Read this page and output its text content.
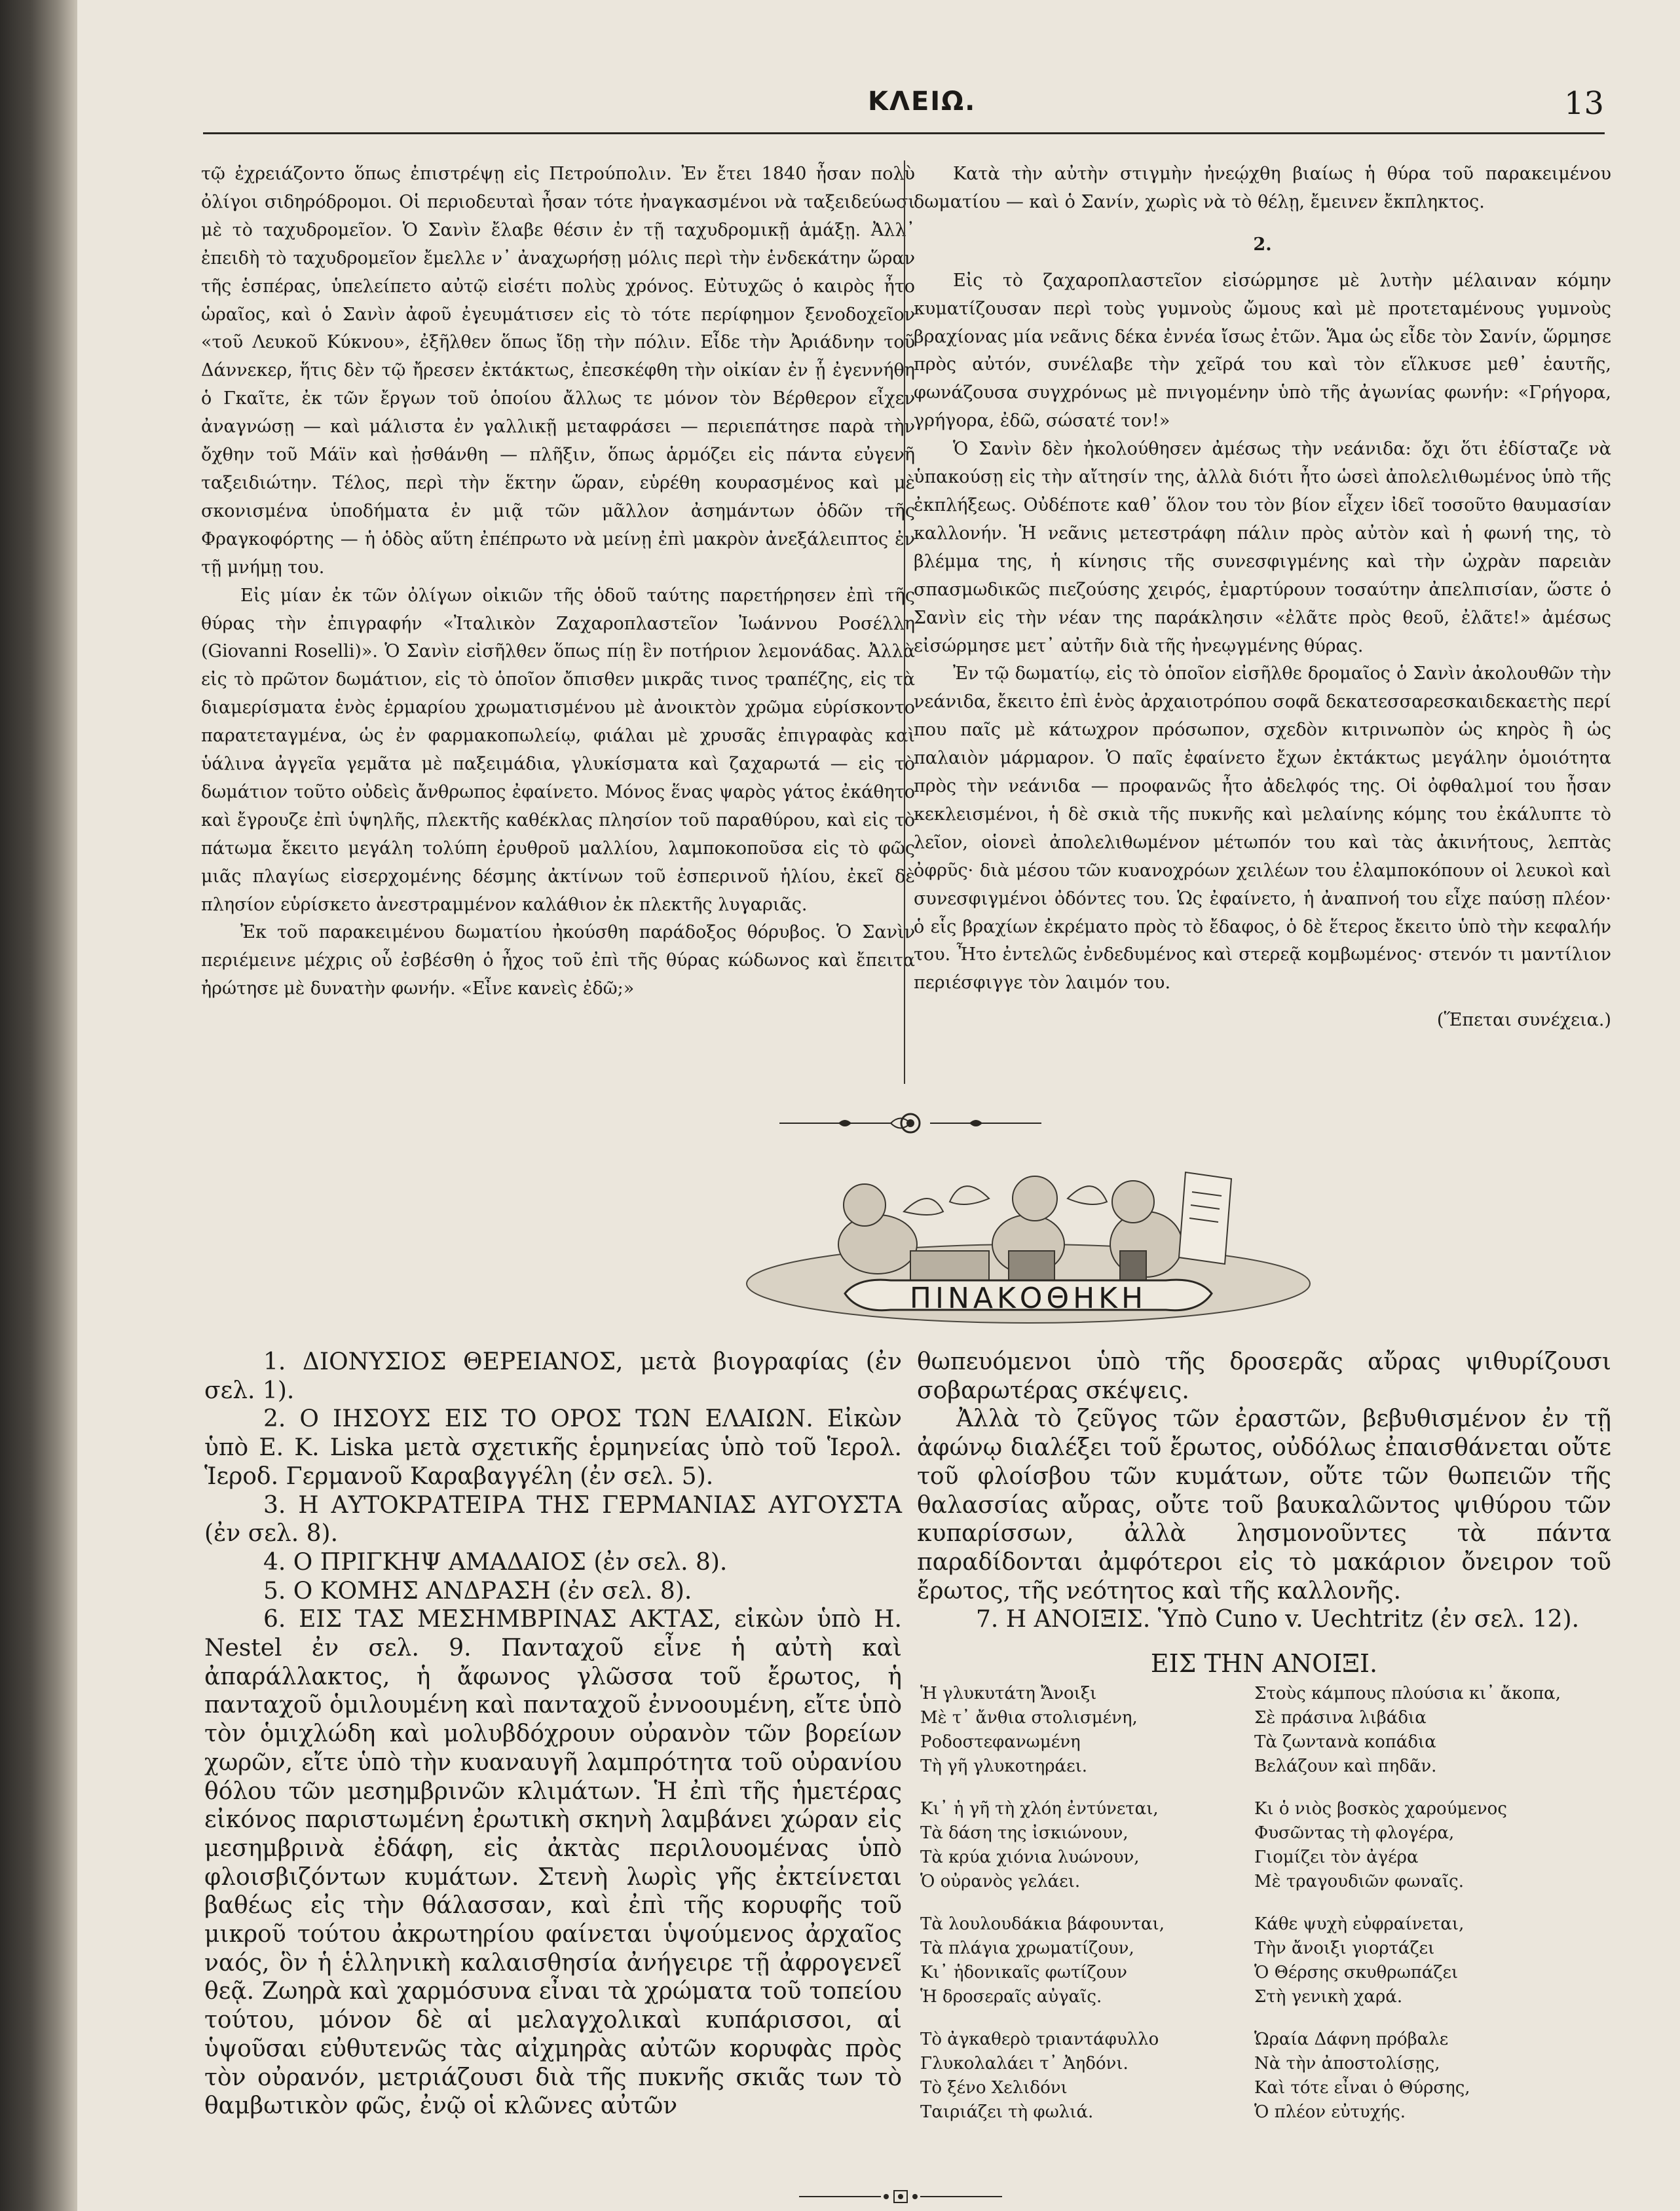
ΚΛΕΙΩ.	13

τῷ ἐχρειάζοντο ὅπως ἐπιστρέψῃ εἰς Πετρούπολιν. Ἐν ἔτει 1840 ἦσαν πολὺ ὀλίγοι σιδηρόδρομοι. Οἱ περιοδευταὶ ἦσαν τότε ἠναγκασμένοι νὰ ταξειδεύωσι μὲ τὸ ταχυδρομεῖον. Ὁ Σανὶν ἔλαβε θέσιν ἐν τῇ ταχυδρομικῇ ἁμάξῃ. Ἀλλ᾿ ἐπειδὴ τὸ ταχυδρομεῖον ἔμελλε ν᾿ ἀναχωρήσῃ μόλις περὶ τὴν ἑνδεκάτην ὥραν τῆς ἑσπέρας, ὑπελείπετο αὐτῷ εἰσέτι πολὺς χρόνος. Εὐτυχῶς ὁ καιρὸς ἦτο ὡραῖος, καὶ ὁ Σανὶν ἀφοῦ ἐγευμάτισεν εἰς τὸ τότε περίφημον ξενοδοχεῖον «τοῦ Λευκοῦ Κύκνου», ἐξῆλθεν ὅπως ἴδῃ τὴν πόλιν. Εἶδε τὴν Ἀριάδνην τοῦ Δάννεκερ, ἥτις δὲν τῷ ἤρεσεν ἐκτάκτως, ἐπεσκέφθη τὴν οἰκίαν ἐν ᾗ ἐγεννήθη ὁ Γκαῖτε, ἐκ τῶν ἔργων τοῦ ὁποίου ἄλλως τε μόνον τὸν Βέρθερον εἶχεν ἀναγνώσῃ — καὶ μάλιστα ἐν γαλλικῇ μεταφράσει — περιεπάτησε παρὰ τὴν ὄχθην τοῦ Μάϊν καὶ ᾐσθάνθη — πλῆξιν, ὅπως ἁρμόζει εἰς πάντα εὐγενῆ ταξειδιώτην. Τέλος, περὶ τὴν ἕκτην ὥραν, εὑρέθη κουρασμένος καὶ μὲ σκονισμένα ὑποδήματα ἐν μιᾷ τῶν μᾶλλον ἀσημάντων ὁδῶν τῆς Φραγκοφόρτης — ἡ ὁδὸς αὕτη ἐπέπρωτο νὰ μείνῃ ἐπὶ μακρὸν ἀνεξάλειπτος ἐν τῇ μνήμῃ του.

Εἰς μίαν ἐκ τῶν ὀλίγων οἰκιῶν τῆς ὁδοῦ ταύτης παρετήρησεν ἐπὶ τῆς θύρας τὴν ἐπιγραφήν «Ἰταλικὸν Ζαχαροπλαστεῖον Ἰωάννου Ροσέλλη (Giovanni Roselli)». Ὁ Σανὶν εἰσῆλθεν ὅπως πίῃ ἓν ποτήριον λεμονάδας. Ἀλλὰ εἰς τὸ πρῶτον δωμάτιον, εἰς τὸ ὁποῖον ὄπισθεν μικρᾶς τινος τραπέζης, εἰς τὰ διαμερίσματα ἑνὸς ἑρμαρίου χρωματισμένου μὲ ἀνοικτὸν χρῶμα εὑρίσκοντο παρατεταγμένα, ὡς ἐν φαρμακοπωλείῳ, φιάλαι μὲ χρυσᾶς ἐπιγραφὰς καὶ ὑάλινα ἀγγεῖα γεμᾶτα μὲ παξειμάδια, γλυκίσματα καὶ ζαχαρωτά — εἰς τὸ δωμάτιον τοῦτο οὐδεὶς ἄνθρωπος ἐφαίνετο. Μόνος ἕνας ψαρὸς γάτος ἐκάθητο καὶ ἔγρουζε ἐπὶ ὑψηλῆς, πλεκτῆς καθέκλας πλησίον τοῦ παραθύρου, καὶ εἰς τὸ πάτωμα ἔκειτο μεγάλη τολύπη ἐρυθροῦ μαλλίου, λαμποκοποῦσα εἰς τὸ φῶς μιᾶς πλαγίως εἰσερχομένης δέσμης ἀκτίνων τοῦ ἑσπερινοῦ ἡλίου, ἐκεῖ δὲ πλησίον εὑρίσκετο ἀνεστραμμένον καλάθιον ἐκ πλεκτῆς λυγαριᾶς.

Ἐκ τοῦ παρακειμένου δωματίου ἠκούσθη παράδοξος θόρυβος. Ὁ Σανὶν περιέμεινε μέχρις οὗ ἐσβέσθη ὁ ἦχος τοῦ ἐπὶ τῆς θύρας κώδωνος καὶ ἔπειτα ἠρώτησε μὲ δυνατὴν φωνήν. «Εἶνε κανεὶς ἐδῶ;»

Κατὰ τὴν αὐτὴν στιγμὴν ἠνεῴχθη βιαίως ἡ θύρα τοῦ παρακειμένου δωματίου — καὶ ὁ Σανίν, χωρὶς νὰ τὸ θέλῃ, ἔμεινεν ἔκπληκτος.

2.

Εἰς τὸ ζαχαροπλαστεῖον εἰσώρμησε μὲ λυτὴν μέλαιναν κόμην κυματίζουσαν περὶ τοὺς γυμνοὺς ὤμους καὶ μὲ προτεταμένους γυμνοὺς βραχίονας μία νεᾶνις δέκα ἐννέα ἴσως ἐτῶν. Ἅμα ὡς εἶδε τὸν Σανίν, ὥρμησε πρὸς αὐτόν, συνέλαβε τὴν χεῖρά του καὶ τὸν εἵλκυσε μεθ᾿ ἑαυτῆς, φωνάζουσα συγχρόνως μὲ πνιγομένην ὑπὸ τῆς ἀγωνίας φωνήν: «Γρήγορα, γρήγορα, ἐδῶ, σώσατέ τον!»

Ὁ Σανὶν δὲν ἠκολούθησεν ἀμέσως τὴν νεάνιδα: ὄχι ὅτι ἐδίσταζε νὰ ὑπακούσῃ εἰς τὴν αἴτησίν της, ἀλλὰ διότι ἦτο ὡσεὶ ἀπολελιθωμένος ὑπὸ τῆς ἐκπλήξεως. Οὐδέποτε καθ᾿ ὅλον του τὸν βίον εἶχεν ἰδεῖ τοσοῦτο θαυμασίαν καλλονήν. Ἡ νεᾶνις μετεστράφη πάλιν πρὸς αὐτὸν καὶ ἡ φωνή της, τὸ βλέμμα της, ἡ κίνησις τῆς συνεσφιγμένης καὶ τὴν ὠχρὰν παρειὰν σπασμωδικῶς πιεζούσης χειρός, ἐμαρτύρουν τοσαύτην ἀπελπισίαν, ὥστε ὁ Σανὶν εἰς τὴν νέαν της παράκλησιν «ἐλᾶτε πρὸς θεοῦ, ἐλᾶτε!» ἀμέσως εἰσώρμησε μετ᾿ αὐτῆν διὰ τῆς ἠνεῳγμένης θύρας.

Ἐν τῷ δωματίῳ, εἰς τὸ ὁποῖον εἰσῆλθε δρομαῖος ὁ Σανὶν ἀκολουθῶν τὴν νεάνιδα, ἔκειτο ἐπὶ ἑνὸς ἀρχαιοτρόπου σοφᾶ δεκατεσσαρεσκαιδεκαετὴς περί που παῖς μὲ κάτωχρον πρόσωπον, σχεδὸν κιτρινωπὸν ὡς κηρὸς ἢ ὡς παλαιὸν μάρμαρον. Ὁ παῖς ἐφαίνετο ἔχων ἐκτάκτως μεγάλην ὁμοιότητα πρὸς τὴν νεάνιδα — προφανῶς ἦτο ἀδελφός της. Οἱ ὀφθαλμοί του ἦσαν κεκλεισμένοι, ἡ δὲ σκιὰ τῆς πυκνῆς καὶ μελαίνης κόμης του ἐκάλυπτε τὸ λεῖον, οἱονεὶ ἀπολελιθωμένον μέτωπόν του καὶ τὰς ἀκινήτους, λεπτὰς ὀφρῦς· διὰ μέσου τῶν κυανοχρόων χειλέων του ἐλαμποκόπουν οἱ λευκοὶ καὶ συνεσφιγμένοι ὀδόντες του. Ὡς ἐφαίνετο, ἡ ἀναπνοή του εἶχε παύσῃ πλέον· ὁ εἷς βραχίων ἐκρέματο πρὸς τὸ ἔδαφος, ὁ δὲ ἕτερος ἔκειτο ὑπὸ τὴν κεφαλήν του. Ἦτο ἐντελῶς ἐνδεδυμένος καὶ στερεᾷ κομβωμένος· στενόν τι μαντίλιον περιέσφιγγε τὸν λαιμόν του.

(Ἕπεται συνέχεια.)

ΠΙΝΑΚΟΘΗΚΗ

1. ΔΙΟΝΥΣΙΟΣ ΘΕΡΕΙΑΝΟΣ, μετὰ βιογραφίας (ἐν σελ. 1).

2. Ο ΙΗΣΟΥΣ ΕΙΣ ΤΟ ΟΡΟΣ ΤΩΝ ΕΛΑΙΩΝ. Εἰκὼν ὑπὸ E. K. Liska μετὰ σχετικῆς ἑρμηνείας ὑπὸ τοῦ Ἱερολ. Ἱεροδ. Γερμανοῦ Καραβαγγέλη (ἐν σελ. 5).

3. Η ΑΥΤΟΚΡΑΤΕΙΡΑ ΤΗΣ ΓΕΡΜΑΝΙΑΣ ΑΥΓΟΥΣΤΑ (ἐν σελ. 8).

4. Ο ΠΡΙΓΚΗΨ ΑΜΑΔΑΙΟΣ (ἐν σελ. 8).

5. Ο ΚΟΜΗΣ ΑΝΔΡΑΣΗ (ἐν σελ. 8).

6. ΕΙΣ ΤΑΣ ΜΕΣΗΜΒΡΙΝΑΣ ΑΚΤΑΣ, εἰκὼν ὑπὸ H. Nestel ἐν σελ. 9. Πανταχοῦ εἶνε ἡ αὐτὴ καὶ ἀπαράλλακτος, ἡ ἄφωνος γλῶσσα τοῦ ἔρωτος, ἡ πανταχοῦ ὁμιλουμένη καὶ πανταχοῦ ἐννοουμένη, εἴτε ὑπὸ τὸν ὁμιχλώδη καὶ μολυβδόχρουν οὐρανὸν τῶν βορείων χωρῶν, εἴτε ὑπὸ τὴν κυαναυγῆ λαμπρότητα τοῦ οὐρανίου θόλου τῶν μεσημβρινῶν κλιμάτων. Ἡ ἐπὶ τῆς ἡμετέρας εἰκόνος παριστωμένη ἐρωτικὴ σκηνὴ λαμβάνει χώραν εἰς μεσημβρινὰ ἐδάφη, εἰς ἀκτὰς περιλουομένας ὑπὸ φλοισβιζόντων κυμάτων. Στενὴ λωρὶς γῆς ἐκτείνεται βαθέως εἰς τὴν θάλασσαν, καὶ ἐπὶ τῆς κορυφῆς τοῦ μικροῦ τούτου ἀκρωτηρίου φαίνεται ὑψούμενος ἀρχαῖος ναός, ὃν ἡ ἑλληνικὴ καλαισθησία ἀνήγειρε τῇ ἀφρογενεῖ θεᾷ. Ζωηρὰ καὶ χαρμόσυνα εἶναι τὰ χρώματα τοῦ τοπείου τούτου, μόνον δὲ αἱ μελαγχολικαὶ κυπάρισσοι, αἱ ὑψοῦσαι εὐθυτενῶς τὰς αἰχμηρὰς αὐτῶν κορυφὰς πρὸς τὸν οὐρανόν, μετριάζουσι διὰ τῆς πυκνῆς σκιᾶς των τὸ θαμβωτικὸν φῶς, ἐνῷ οἱ κλῶνες αὐτῶν

θωπευόμενοι ὑπὸ τῆς δροσερᾶς αὔρας ψιθυρίζουσι σοβαρωτέρας σκέψεις.

Ἀλλὰ τὸ ζεῦγος τῶν ἐραστῶν, βεβυθισμένον ἐν τῇ ἀφώνῳ διαλέξει τοῦ ἔρωτος, οὐδόλως ἐπαισθάνεται οὔτε τοῦ φλοίσβου τῶν κυμάτων, οὔτε τῶν θωπειῶν τῆς θαλασσίας αὔρας, οὔτε τοῦ βαυκαλῶντος ψιθύρου τῶν κυπαρίσσων, ἀλλὰ λησμονοῦντες τὰ πάντα παραδίδονται ἀμφότεροι εἰς τὸ μακάριον ὄνειρον τοῦ ἔρωτος, τῆς νεότητος καὶ τῆς καλλονῆς.

7. Η ΑΝΟΙΞΙΣ. Ὑπὸ Cuno v. Uechtritz (ἐν σελ. 12).

ΕΙΣ ΤΗΝ ΑΝΟΙΞΙ.

Ἡ γλυκυτάτη Ἄνοιξι
Μὲ τ᾿ ἄνθια στολισμένη,
Ροδοστεφανωμένη
Τὴ γῆ γλυκοτηράει.
Κι᾿ ἡ γῆ τὴ χλόη ἐντύνεται,
Τὰ δάση της ἰσκιώνουν,
Τὰ κρύα χιόνια λυώνουν,
Ὁ οὐρανὸς γελάει.
Τὰ λουλουδάκια βάφουνται,
Τὰ πλάγια χρωματίζουν,
Κι᾿ ἡδονικαῖς φωτίζουν
Ἡ δροσεραῖς αὐγαῖς.
Τὸ ἀγκαθερὸ τριαντάφυλλο
Γλυκολαλάει τ᾿ Ἀηδόνι.
Τὸ ξένο Χελιδόνι
Ταιριάζει τὴ φωλιά.
Στοὺς κάμπους πλούσια κι᾿ ἄκοπα,
Σὲ πράσινα λιβάδια
Τὰ ζωντανὰ κοπάδια
Βελάζουν καὶ πηδᾶν.
Κι ὁ νιὸς βοσκὸς χαρούμενος
Φυσῶντας τὴ φλογέρα,
Γιομίζει τὸν ἀγέρα
Μὲ τραγουδιῶν φωναῖς.
Κάθε ψυχὴ εὐφραίνεται,
Τὴν ἄνοιξι γιορτάζει
Ὁ Θέρσης σκυθρωπάζει
Στὴ γενικὴ χαρά.
Ὡραία Δάφνη πρόβαλε
Νὰ τὴν ἀποστολίσῃς,
Καὶ τότε εἶναι ὁ Θύρσης,
Ὁ πλέον εὐτυχής.
